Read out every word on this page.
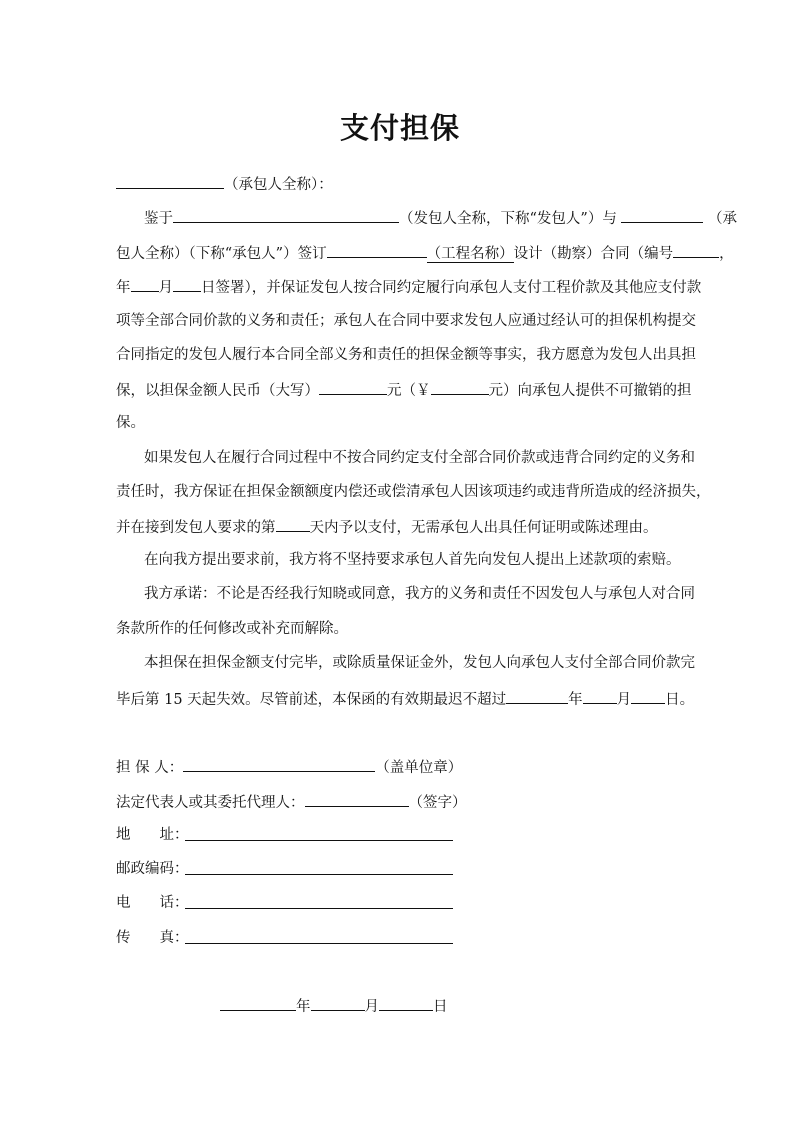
支付担保
（承包人全称）：
鉴于	（发包人全称，下称“发包人”）与	（承
包人全称）（下称“承包人”）签订	（工程名称）设计（勘察）合同（编号	，
年 月 日签署），并保证发包人按合同约定履行向承包人支付工程价款及其他应支付款
项等全部合同价款的义务和责任；承包人在合同中要求发包人应通过经认可的担保机构提交
合同指定的发包人履行本合同全部义务和责任的担保金额等事实，我方愿意为发包人出具担
保，以担保金额人民币（大写）	元（￥	元）向承包人提供不可撤销的担
保。
如果发包人在履行合同过程中不按合同约定支付全部合同价款或违背合同约定的义务和
责任时，我方保证在担保金额额度内偿还或偿清承包人因该项违约或违背所造成的经济损失，
并在接到发包人要求的第 天内予以支付，无需承包人出具任何证明或陈述理由。
在向我方提出要求前，我方将不坚持要求承包人首先向发包人提出上述款项的索赔。
我方承诺：不论是否经我行知晓或同意，我方的义务和责任不因发包人与承包人对合同
条款所作的任何修改或补充而解除。
本担保在担保金额支付完毕，或除质量保证金外，发包人向承包人支付全部合同价款完
毕后第 15 天起失效。尽管前述，本保函的有效期最迟不超过	年 月 日。
担 保 人：	（盖单位章）
法定代表人或其委托代理人：	（签字）
地　　址：
邮政编码：
电　　话：
传　　真：
年	月	日
